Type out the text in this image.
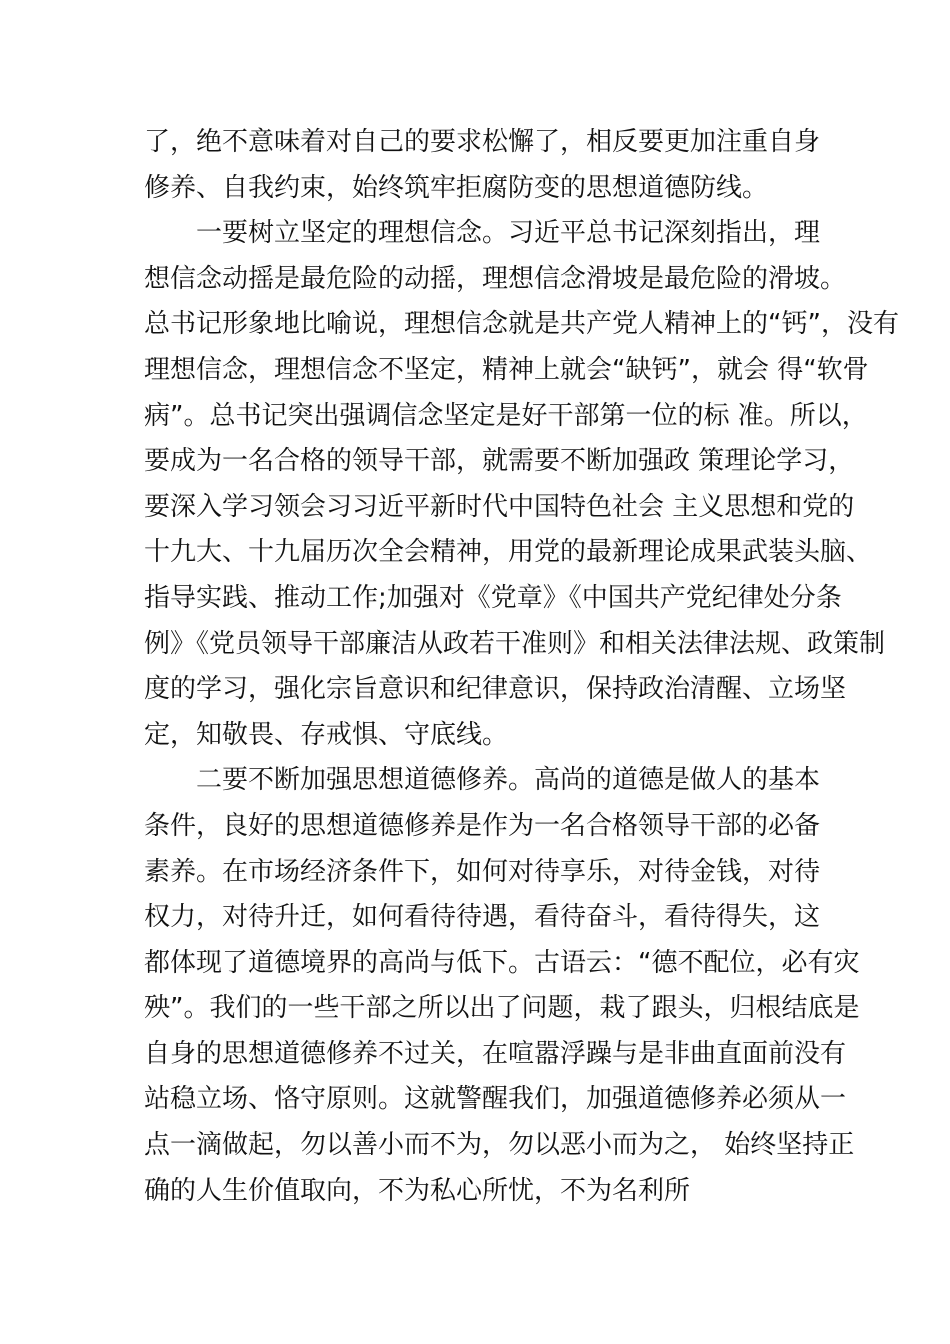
了，绝不意味着对自己的要求松懈了，相反要更加注重自身
修养、自我约束，始终筑牢拒腐防变的思想道德防线。
一要树立坚定的理想信念。习近平总书记深刻指出，理
想信念动摇是最危险的动摇，理想信念滑坡是最危险的滑坡。
总书记形象地比喻说，理想信念就是共产党人精神上的“钙”，没有
理想信念，理想信念不坚定，精神上就会“缺钙”，就会 得“软骨
病”。总书记突出强调信念坚定是好干部第一位的标 准。所以，
要成为一名合格的领导干部，就需要不断加强政 策理论学习，
要深入学习领会习习近平新时代中国特色社会 主义思想和党的
十九大、十九届历次全会精神，用党的最新理论成果武装头脑、
指导实践、推动工作;加强对《党章》《中国共产党纪律处分条
例》《党员领导干部廉洁从政若干准则》和相关法律法规、政策制
度的学习，强化宗旨意识和纪律意识，保持政治清醒、立场坚
定，知敬畏、存戒惧、守底线。
二要不断加强思想道德修养。高尚的道德是做人的基本
条件，良好的思想道德修养是作为一名合格领导干部的必备
素养。在市场经济条件下，如何对待享乐，对待金钱，对待
权力，对待升迁，如何看待待遇，看待奋斗，看待得失，这
都体现了道德境界的高尚与低下。古语云：“德不配位，必有灾
殃”。我们的一些干部之所以出了问题，栽了跟头，归根结底是
自身的思想道德修养不过关，在喧嚣浮躁与是非曲直面前没有
站稳立场、恪守原则。这就警醒我们，加强道德修养必须从一
点一滴做起，勿以善小而不为，勿以恶小而为之， 始终坚持正
确的人生价值取向，不为私心所忧，不为名利所
